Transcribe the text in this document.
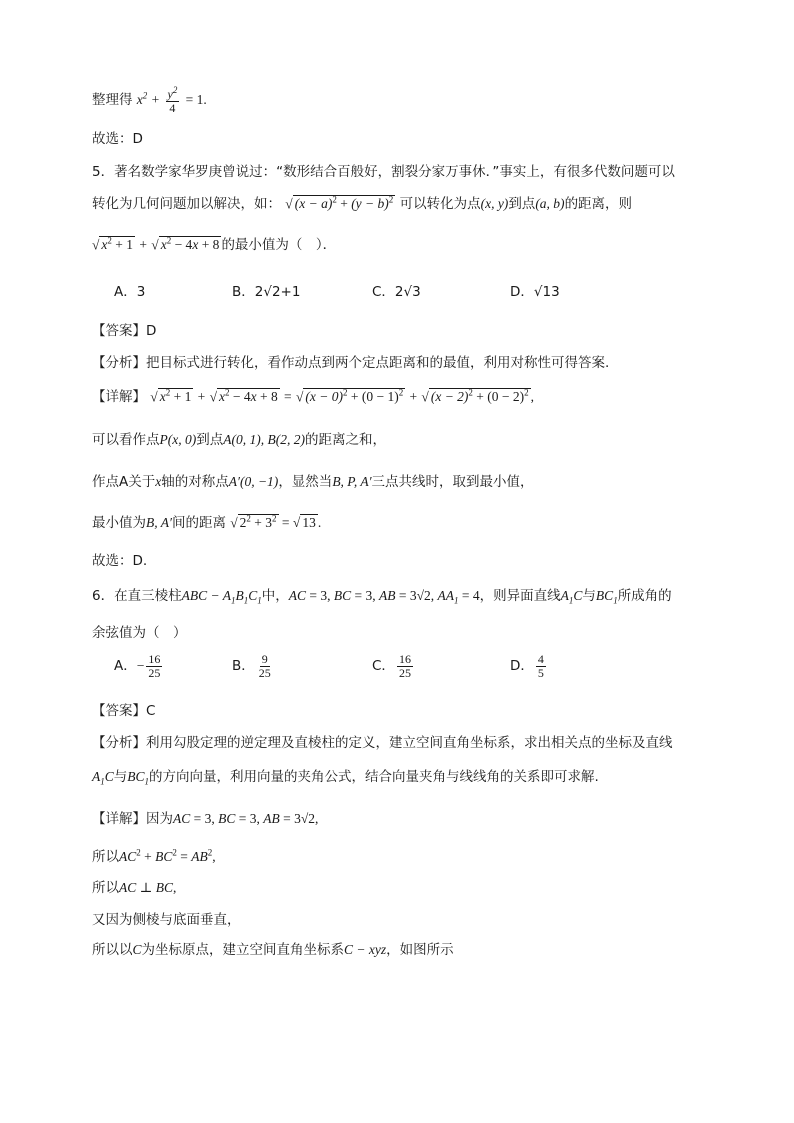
整理得 $x^2 + \frac{y^2}{4} = 1$.
故选：D
5．著名数学家华罗庚曾说过：“数形结合百般好，割裂分家万事休．”事实上，有很多代数问题可以
转化为几何问题加以解决，如： √ $(x - a)^2 + (y - b)^2$ 可以转化为点(x, y)到点(a, b)的距离，则
√ $x^2 + 1$ + √ $x^2 - 4x + 8$ 的最小值为（　）．
A．3	B．2√2+1	C．2√3	D．√13
【答案】D
【分析】把目标式进行转化，看作动点到两个定点距离和的最值，利用对称性可得答案.
【详解】 √ $x^2 + 1$ + √ $x^2 - 4x + 8$ = √ $(x - 0)^2 + (0 - 1)^2$ + √ $(x - 2)^2 + (0 - 2)^2$ ,
可以看作点P(x, 0)到点A(0, 1), B(2, 2)的距离之和，
作点A关于x轴的对称点A′(0, −1)，显然当B, P, A′三点共线时，取到最小值，
最小值为B, A′间的距离 √ $2^2 + 3^2$ = √ 13 .
故选：D.
6．在直三棱柱ABC − $A_1B_1C_1$中，AC = 3, BC = 3, AB = 3√2, $AA_1 = 4$，则异面直线$A_1C$与$BC_1$所成角的
余弦值为（　）
A．− $\frac{16}{25}$	B． $\frac{9}{25}$	C． $\frac{16}{25}$	D． $\frac{4}{5}$
【答案】C
【分析】利用勾股定理的逆定理及直棱柱的定义，建立空间直角坐标系，求出相关点的坐标及直线
$A_1C$与$BC_1$的方向向量，利用向量的夹角公式，结合向量夹角与线线角的关系即可求解.
【详解】因为AC = 3, BC = 3, AB = 3√2,
所以$AC^2 + BC^2 = AB^2$,
所以AC ⊥ BC,
又因为侧棱与底面垂直，
所以以C为坐标原点，建立空间直角坐标系C − xyz，如图所示
